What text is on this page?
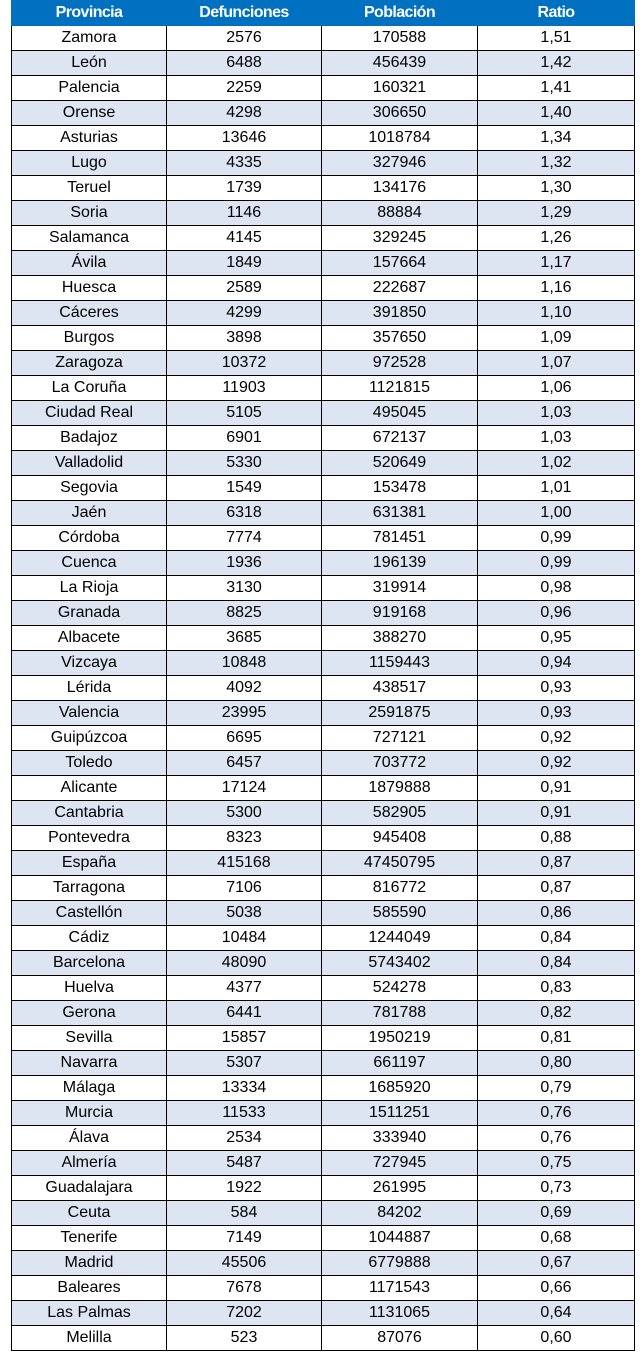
Provincia	Defunciones	Población	Ratio
Zamora	2576	170588	1,51
León	6488	456439	1,42
Palencia	2259	160321	1,41
Orense	4298	306650	1,40
Asturias	13646	1018784	1,34
Lugo	4335	327946	1,32
Teruel	1739	134176	1,30
Soria	1146	88884	1,29
Salamanca	4145	329245	1,26
Ávila	1849	157664	1,17
Huesca	2589	222687	1,16
Cáceres	4299	391850	1,10
Burgos	3898	357650	1,09
Zaragoza	10372	972528	1,07
La Coruña	11903	1121815	1,06
Ciudad Real	5105	495045	1,03
Badajoz	6901	672137	1,03
Valladolid	5330	520649	1,02
Segovia	1549	153478	1,01
Jaén	6318	631381	1,00
Córdoba	7774	781451	0,99
Cuenca	1936	196139	0,99
La Rioja	3130	319914	0,98
Granada	8825	919168	0,96
Albacete	3685	388270	0,95
Vizcaya	10848	1159443	0,94
Lérida	4092	438517	0,93
Valencia	23995	2591875	0,93
Guipúzcoa	6695	727121	0,92
Toledo	6457	703772	0,92
Alicante	17124	1879888	0,91
Cantabria	5300	582905	0,91
Pontevedra	8323	945408	0,88
España	415168	47450795	0,87
Tarragona	7106	816772	0,87
Castellón	5038	585590	0,86
Cádiz	10484	1244049	0,84
Barcelona	48090	5743402	0,84
Huelva	4377	524278	0,83
Gerona	6441	781788	0,82
Sevilla	15857	1950219	0,81
Navarra	5307	661197	0,80
Málaga	13334	1685920	0,79
Murcia	11533	1511251	0,76
Álava	2534	333940	0,76
Almería	5487	727945	0,75
Guadalajara	1922	261995	0,73
Ceuta	584	84202	0,69
Tenerife	7149	1044887	0,68
Madrid	45506	6779888	0,67
Baleares	7678	1171543	0,66
Las Palmas	7202	1131065	0,64
Melilla	523	87076	0,60
